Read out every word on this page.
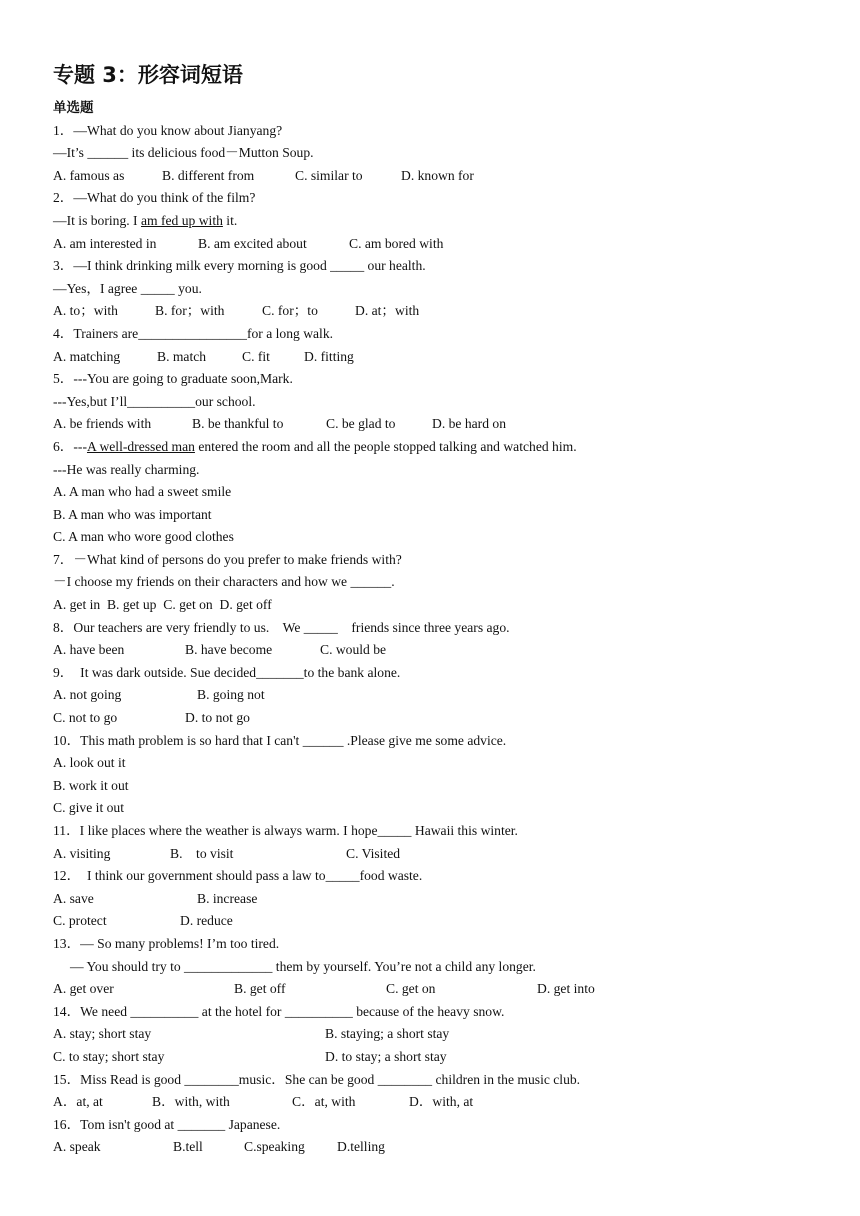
专题 3：形容词短语
单选题
1．—What do you know about Jianyang?
—It’s ______ its delicious food－Mutton Soup.
A. famous as	B. different from	C. similar to	D. known for
2．—What do you think of the film?
—It is boring. I am fed up with it.
A. am interested in	B. am excited about	C. am bored with
3．—I think drinking milk every morning is good _____ our health.
—Yes，I agree _____ you.
A. to；with	B. for；with	C. for；to	D. at；with
4．Trainers are________________for a long walk.
A. matching	B. match	C. fit	D. fitting
5．---You are going to graduate soon,Mark.
---Yes,but I’ll__________our school.
A. be friends with	B. be thankful to	C. be glad to	D. be hard on
6．---A well-dressed man entered the room and all the people stopped talking and watched him.
---He was really charming.
A. A man who had a sweet smile
B. A man who was important
C. A man who wore good clothes
7．－What kind of persons do you prefer to make friends with?
－I choose my friends on their characters and how we ______.
A. get in  B. get up  C. get on  D. get off
8．Our teachers are very friendly to us.    We _____    friends since three years ago.
A. have been	B. have become	C. would be
9．  It was dark outside. Sue decided_______to the bank alone.
A. not going	B. going not
C. not to go	D. to not go
10．This math problem is so hard that I can't ______ .Please give me some advice.
A. look out it
B. work it out
C. give it out
11．I like places where the weather is always warm. I hope_____ Hawaii this winter.
A. visiting	B.    to visit	C. Visited
12．  I think our government should pass a law to_____food waste.
A. save	B. increase
C. protect	D. reduce
13．— So many problems! I’m too tired.
— You should try to _____________ them by yourself. You’re not a child any longer.
A. get over	B. get off	C. get on	D. get into
14．We need __________ at the hotel for __________ because of the heavy snow.
A. stay; short stay	B. staying; a short stay
C. to stay; short stay	D. to stay; a short stay
15．Miss Read is good ________music．She can be good ________ children in the music club.
A．at, at	B．with, with	C．at, with	D．with, at
16．Tom isn't good at _______ Japanese.
A. speak	B.tell	C.speaking D.telling
